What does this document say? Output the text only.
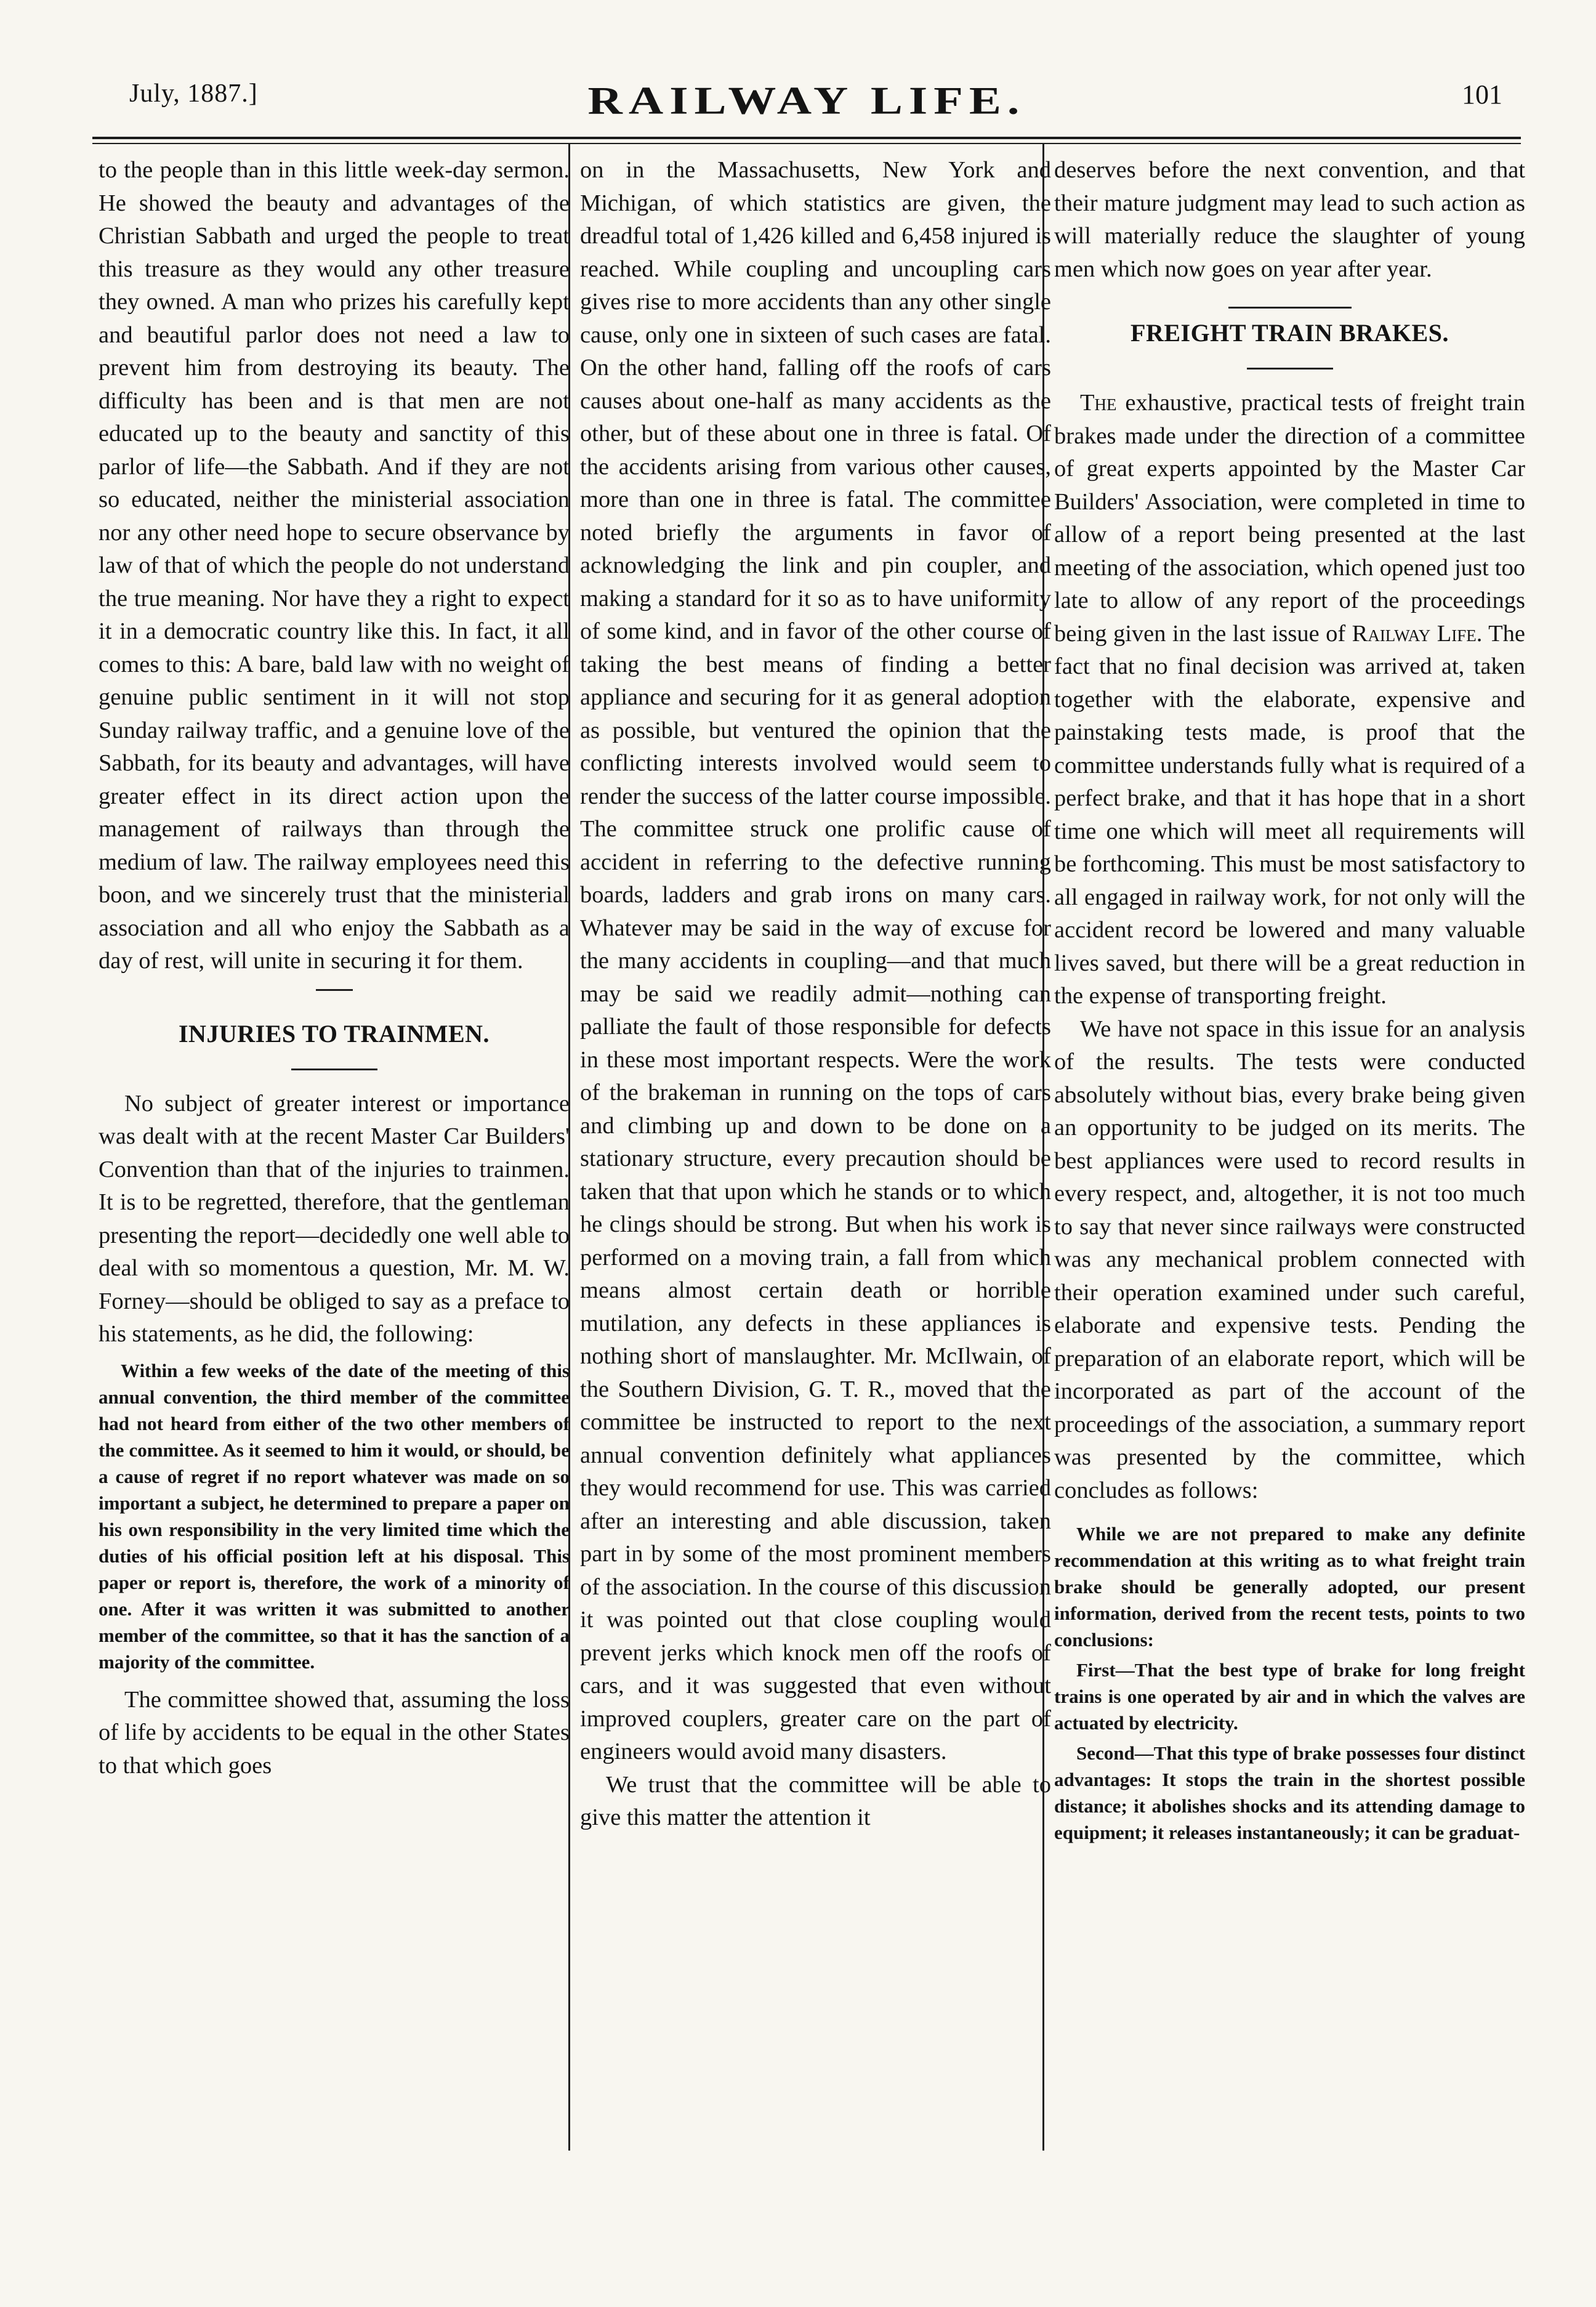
July, 1887.]	RAILWAY LIFE.	101

to the people than in this little week-day sermon. He showed the beauty and advantages of the Christian Sabbath and urged the people to treat this treasure as they would any other treasure they owned. A man who prizes his carefully kept and beautiful parlor does not need a law to prevent him from destroying its beauty. The difficulty has been and is that men are not educated up to the beauty and sanctity of this parlor of life—the Sabbath. And if they are not so educated, neither the ministerial association nor any other need hope to secure observance by law of that of which the people do not understand the true meaning. Nor have they a right to expect it in a democratic country like this. In fact, it all comes to this: A bare, bald law with no weight of genuine public sentiment in it will not stop Sunday railway traffic, and a genuine love of the Sabbath, for its beauty and advantages, will have greater effect in its direct action upon the management of railways than through the medium of law. The railway employees need this boon, and we sincerely trust that the ministerial association and all who enjoy the Sabbath as a day of rest, will unite in securing it for them.

INJURIES TO TRAINMEN.

No subject of greater interest or importance was dealt with at the recent Master Car Builders' Convention than that of the injuries to trainmen. It is to be regretted, therefore, that the gentleman presenting the report—decidedly one well able to deal with so momentous a question, Mr. M. W. Forney—should be obliged to say as a preface to his statements, as he did, the following:

Within a few weeks of the date of the meeting of this annual convention, the third member of the committee had not heard from either of the two other members of the committee. As it seemed to him it would, or should, be a cause of regret if no report whatever was made on so important a subject, he determined to prepare a paper on his own responsibility in the very limited time which the duties of his official position left at his disposal. This paper or report is, therefore, the work of a minority of one. After it was written it was submitted to another member of the committee, so that it has the sanction of a majority of the committee.

The committee showed that, assuming the loss of life by accidents to be equal in the other States to that which goes

on in the Massachusetts, New York and Michigan, of which statistics are given, the dreadful total of 1,426 killed and 6,458 injured is reached. While coupling and uncoupling cars gives rise to more accidents than any other single cause, only one in sixteen of such cases are fatal. On the other hand, falling off the roofs of cars causes about one-half as many accidents as the other, but of these about one in three is fatal. Of the accidents arising from various other causes, more than one in three is fatal. The committee noted briefly the arguments in favor of acknowledging the link and pin coupler, and making a standard for it so as to have uniformity of some kind, and in favor of the other course of taking the best means of finding a better appliance and securing for it as general adoption as possible, but ventured the opinion that the conflicting interests involved would seem to render the success of the latter course impossible. The committee struck one prolific cause of accident in referring to the defective running boards, ladders and grab irons on many cars. Whatever may be said in the way of excuse for the many accidents in coupling—and that much may be said we readily admit—nothing can palliate the fault of those responsible for defects in these most important respects. Were the work of the brakeman in running on the tops of cars and climbing up and down to be done on a stationary structure, every precaution should be taken that that upon which he stands or to which he clings should be strong. But when his work is performed on a moving train, a fall from which means almost certain death or horrible mutilation, any defects in these appliances is nothing short of manslaughter. Mr. McIlwain, of the Southern Division, G. T. R., moved that the committee be instructed to report to the next annual convention definitely what appliances they would recommend for use. This was carried after an interesting and able discussion, taken part in by some of the most prominent members of the association. In the course of this discussion it was pointed out that close coupling would prevent jerks which knock men off the roofs of cars, and it was suggested that even without improved couplers, greater care on the part of engineers would avoid many disasters.

We trust that the committee will be able to give this matter the attention it

deserves before the next convention, and that their mature judgment may lead to such action as will materially reduce the slaughter of young men which now goes on year after year.

FREIGHT TRAIN BRAKES.

The exhaustive, practical tests of freight train brakes made under the direction of a committee of great experts appointed by the Master Car Builders' Association, were completed in time to allow of a report being presented at the last meeting of the association, which opened just too late to allow of any report of the proceedings being given in the last issue of Railway Life. The fact that no final decision was arrived at, taken together with the elaborate, expensive and painstaking tests made, is proof that the committee understands fully what is required of a perfect brake, and that it has hope that in a short time one which will meet all requirements will be forthcoming. This must be most satisfactory to all engaged in railway work, for not only will the accident record be lowered and many valuable lives saved, but there will be a great reduction in the expense of transporting freight.

We have not space in this issue for an analysis of the results. The tests were conducted absolutely without bias, every brake being given an opportunity to be judged on its merits. The best appliances were used to record results in every respect, and, altogether, it is not too much to say that never since railways were constructed was any mechanical problem connected with their operation examined under such careful, elaborate and expensive tests. Pending the preparation of an elaborate report, which will be incorporated as part of the account of the proceedings of the association, a summary report was presented by the committee, which concludes as follows:

While we are not prepared to make any definite recommendation at this writing as to what freight train brake should be generally adopted, our present information, derived from the recent tests, points to two conclusions:

First—That the best type of brake for long freight trains is one operated by air and in which the valves are actuated by electricity.

Second—That this type of brake possesses four distinct advantages: It stops the train in the shortest possible distance; it abolishes shocks and its attending damage to equipment; it releases instantaneously; it can be graduat-
